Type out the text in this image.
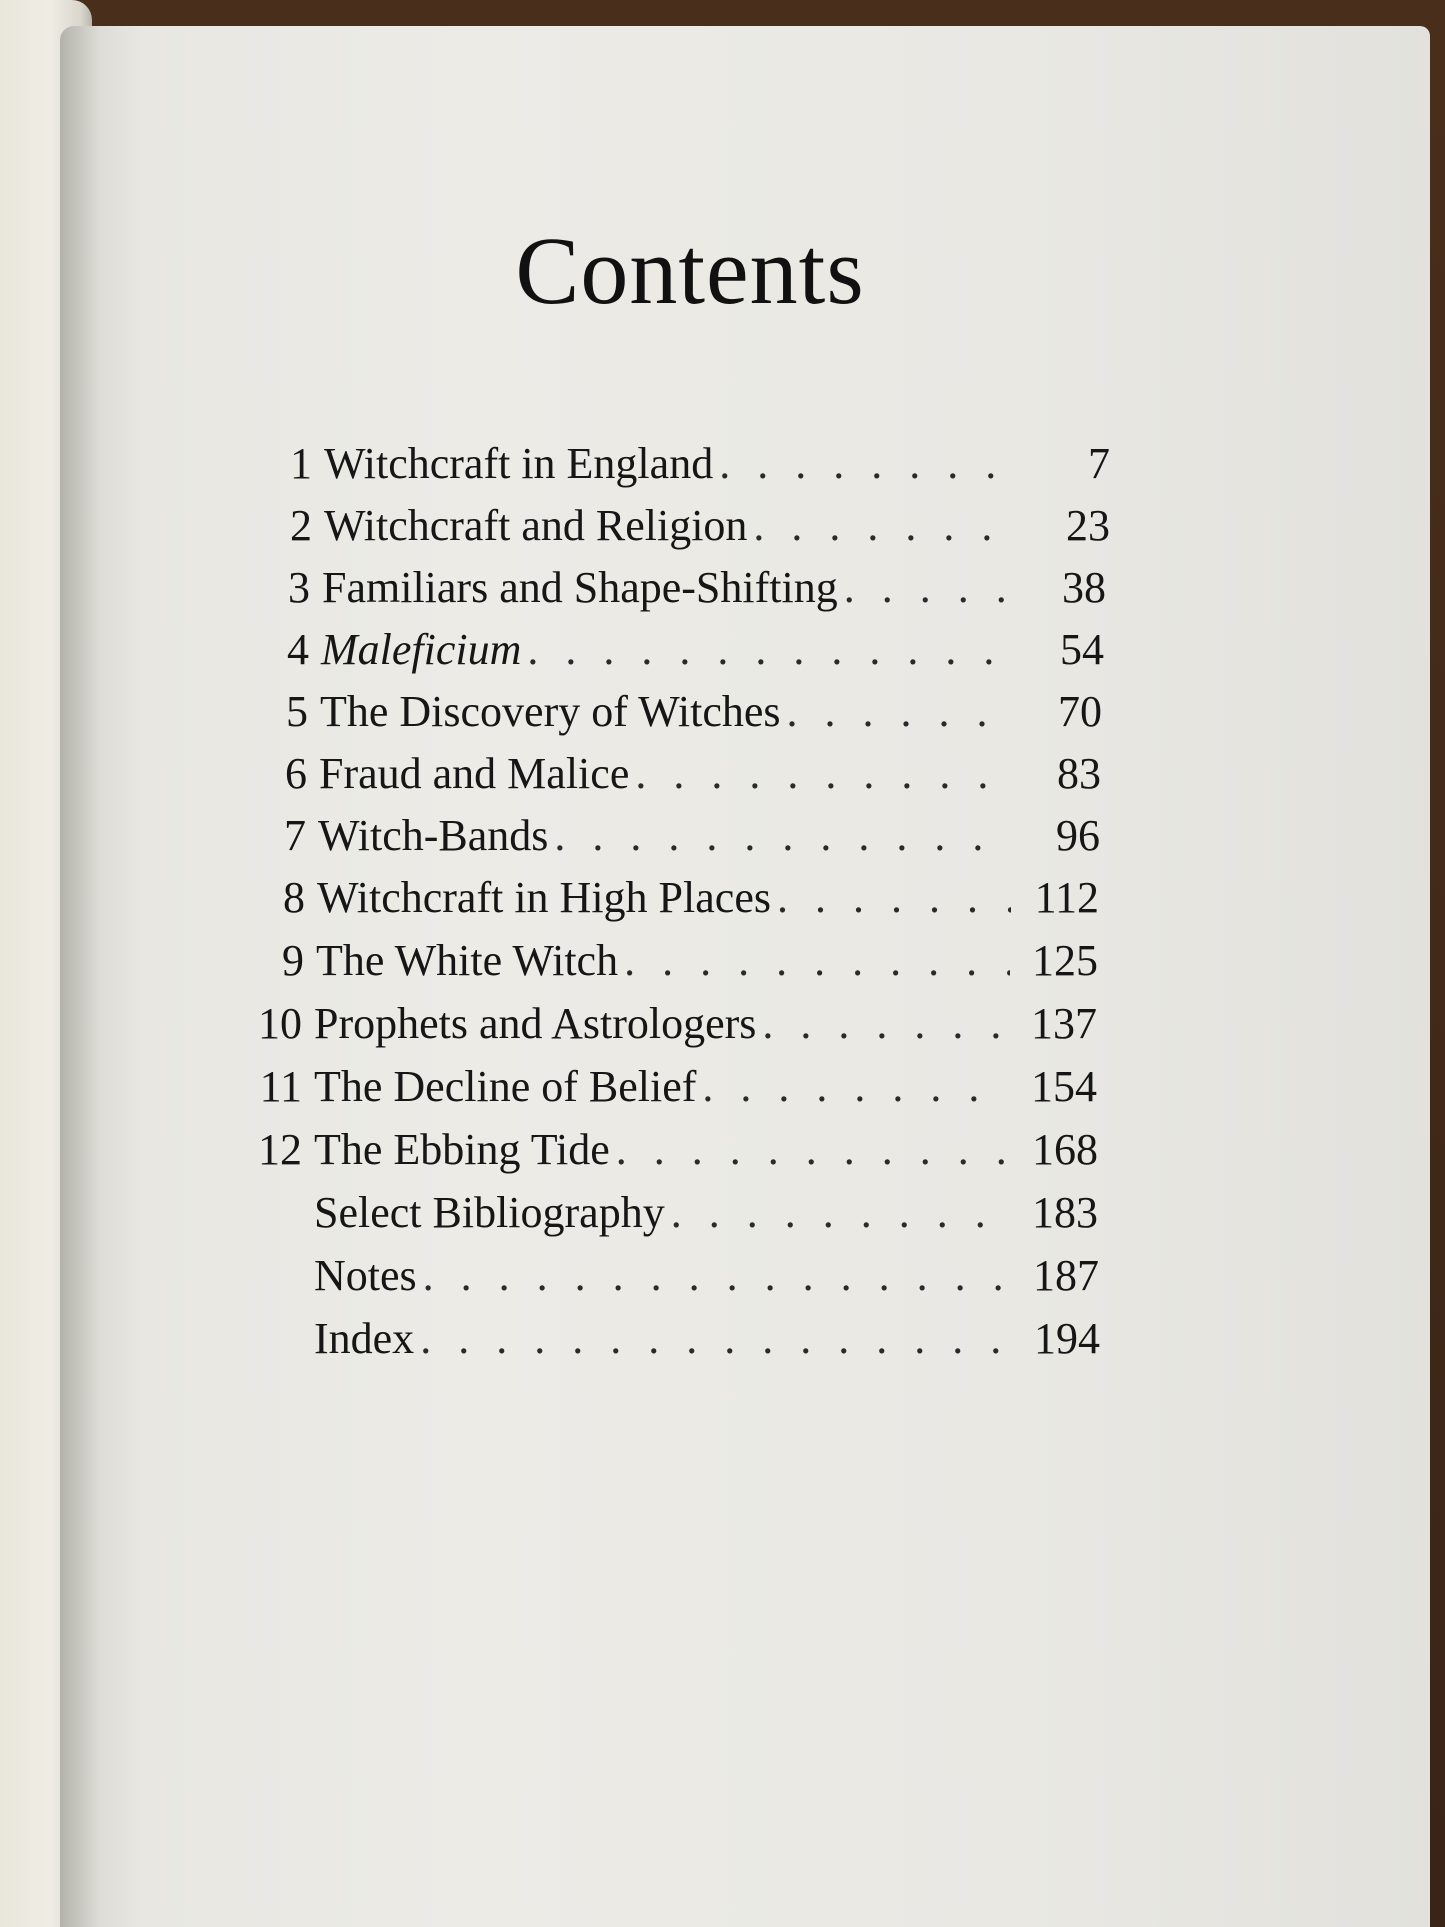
Contents
1 Witchcraft in England . . .	7
2 Witchcraft and Religion . . .	23
3 Familiars and Shape-Shifting . . .	38
4 Maleficium . . .	54
5 The Discovery of Witches . . .	70
6 Fraud and Malice . . .	83
7 Witch-Bands . . .	96
8 Witchcraft in High Places . . .	112
9 The White Witch . . .	125
10 Prophets and Astrologers . . .	137
11 The Decline of Belief . . .	154
12 The Ebbing Tide . . .	168
Select Bibliography . . .	183
Notes . . .	187
Index . . .	194
